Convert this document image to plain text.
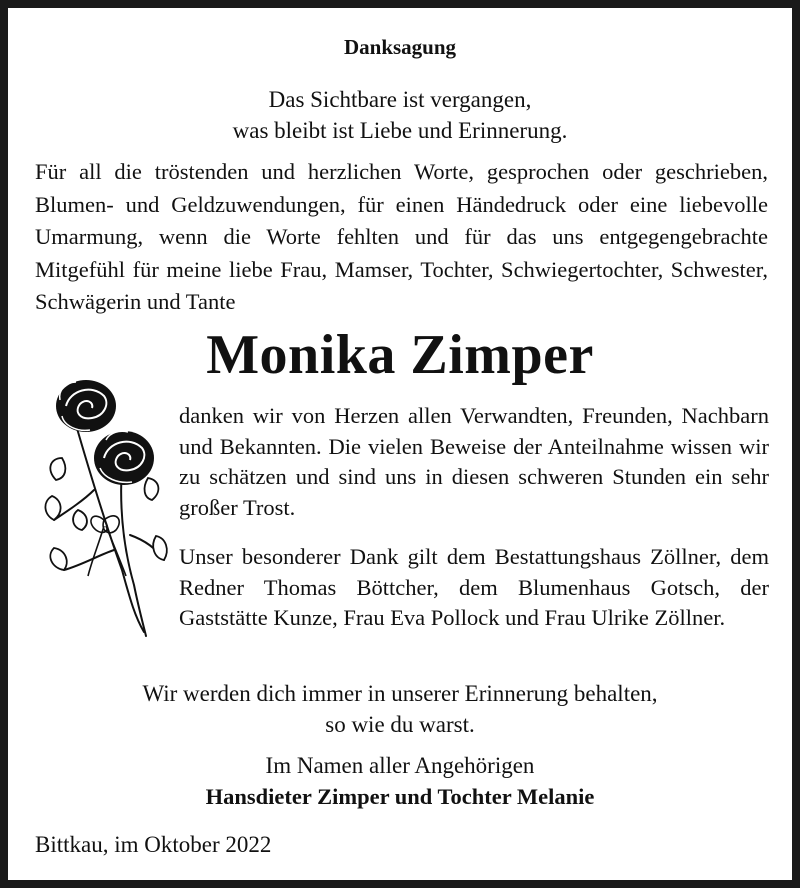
Danksagung
Das Sichtbare ist vergangen,
was bleibt ist Liebe und Erinnerung.
Für all die tröstenden und herzlichen Worte, gesprochen oder geschrieben, Blumen- und Geldzuwendungen, für einen Händedruck oder eine liebevolle Umarmung, wenn die Worte fehlten und für das uns entgegengebrachte Mitgefühl für meine liebe Frau, Mamser, Tochter, Schwiegertochter, Schwester, Schwägerin und Tante
Monika Zimper
danken wir von Herzen allen Verwandten, Freunden, Nachbarn und Bekannten. Die vielen Beweise der Anteilnahme wissen wir zu schätzen und sind uns in diesen schweren Stunden ein sehr großer Trost.
Unser besonderer Dank gilt dem Bestattungshaus Zöllner, dem Redner Thomas Böttcher, dem Blumenhaus Gotsch, der Gaststätte Kunze, Frau Eva Pollock und Frau Ulrike Zöllner.
Wir werden dich immer in unserer Erinnerung behalten,
so wie du warst.
Im Namen aller Angehörigen
Hansdieter Zimper und Tochter Melanie
Bittkau, im Oktober 2022
